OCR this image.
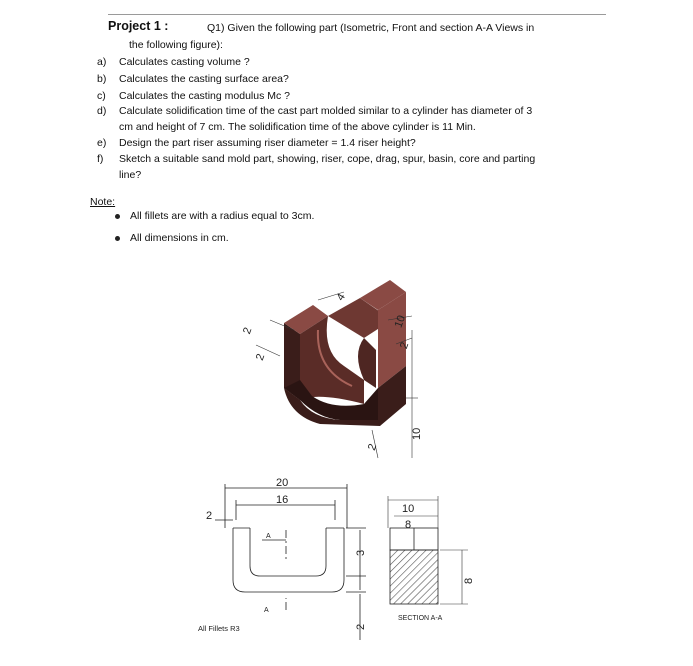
Project 1 :	Q1) Given the following part (Isometric, Front and section A-A Views in
the following figure):
a) Calculates casting volume ?
b) Calculates the casting surface area?
c) Calculates the casting modulus Mc ?
d) Calculate solidification time of the cast part molded similar to a cylinder has diameter of 3
cm and height of 7 cm. The solidification time of the above cylinder is 11 Min.
e) Design the part riser assuming riser diameter = 1.4 riser height?
f) Sketch a suitable sand mold part, showing, riser, cope, drag, spur, basin, core and parting
line?
Note:
All fillets are with a radius equal to 3cm.
All dimensions in cm.
4
2
2
10
2
10
2
20
16
2
3
2
A
A
10
8
8
SECTION A-A
All Fillets R3
